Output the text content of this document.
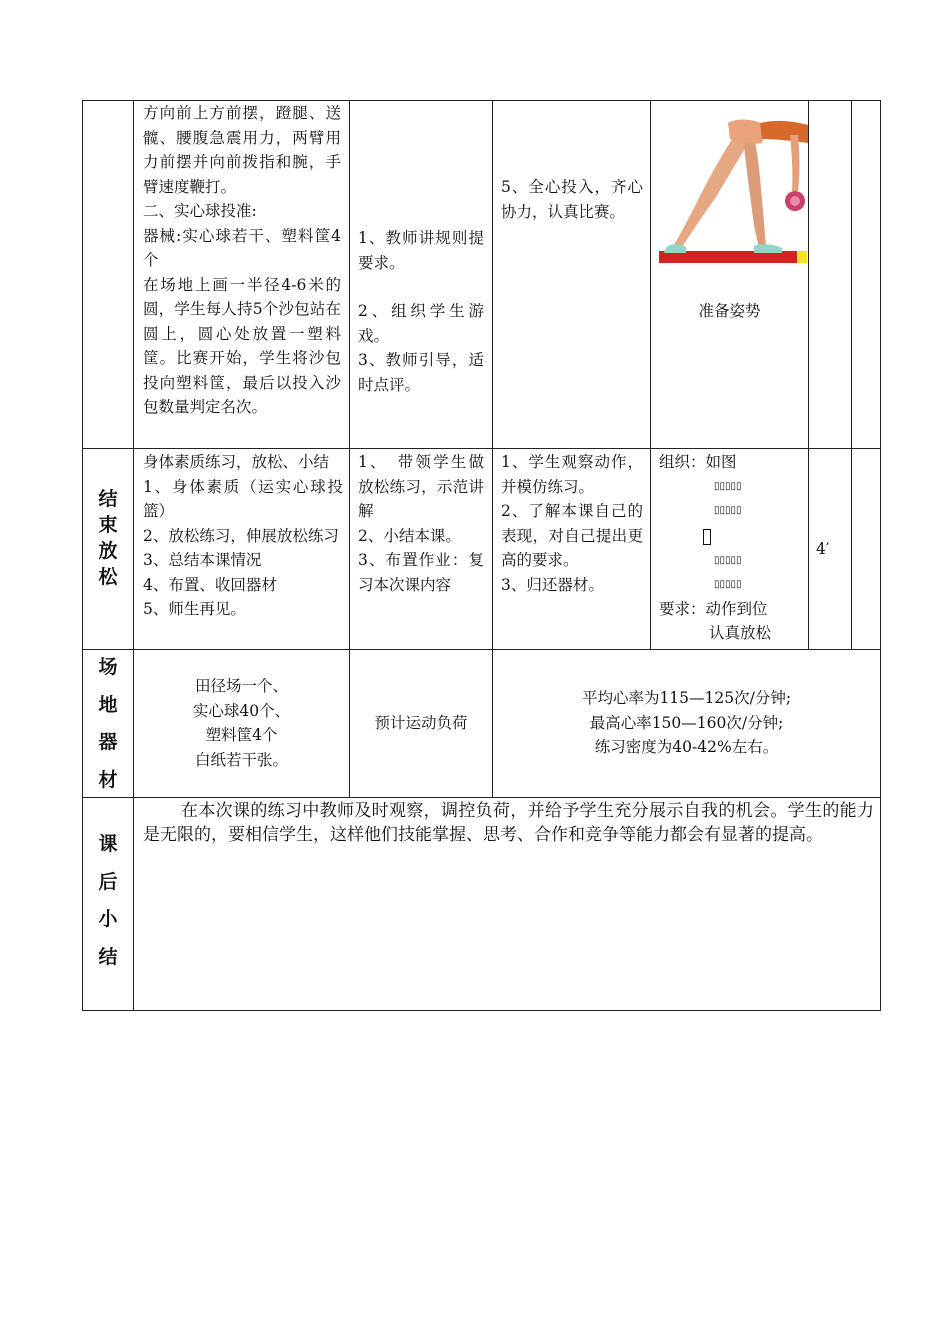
方向前上方前摆，蹬腿、送髋、腰腹急震用力，两臂用力前摆并向前拨指和腕，手臂速度鞭打。

二、实心球投准:

器械:实心球若干、塑料筐4个

在场地上画一半径4-6米的圆，学生每人持5个沙包站在圆上，圆心处放置一塑料筐。比赛开始，学生将沙包投向塑料筐，最后以投入沙包数量判定名次。

1、教师讲规则提要求。

2、组织学生游戏。

3、教师引导，适时点评。

5、全心投入，齐心协力，认真比赛。

准备姿势

结
束
放
松

身体素质练习，放松、小结

1、身体素质（运实心球投篮）

2、放松练习，伸展放松练习

3、总结本课情况

4、布置、收回器材

5、师生再见。

1、　带领学生做放松练习，示范讲解

2、小结本课。

3、布置作业：复习本次课内容

1、学生观察动作，并模仿练习。

2、了解本课自己的表现，对自己提出更高的要求。

3、归还器材。

组织：如图

▯▯▯▯▯

▯▯▯▯▯

▯▯▯▯▯

▯▯▯▯▯

要求：动作到位

认真放松

4′

场
地
器
材

田径场一个、

实心球40个、

塑料筐4个

白纸若干张。

预计运动负荷

平均心率为115—125次/分钟;

最高心率150—160次/分钟;

练习密度为40-42%左右。

课
后
小
结

在本次课的练习中教师及时观察，调控负荷，并给予学生充分展示自我的机会。学生的能力是无限的，要相信学生，这样他们技能掌握、思考、合作和竞争等能力都会有显著的提高。
